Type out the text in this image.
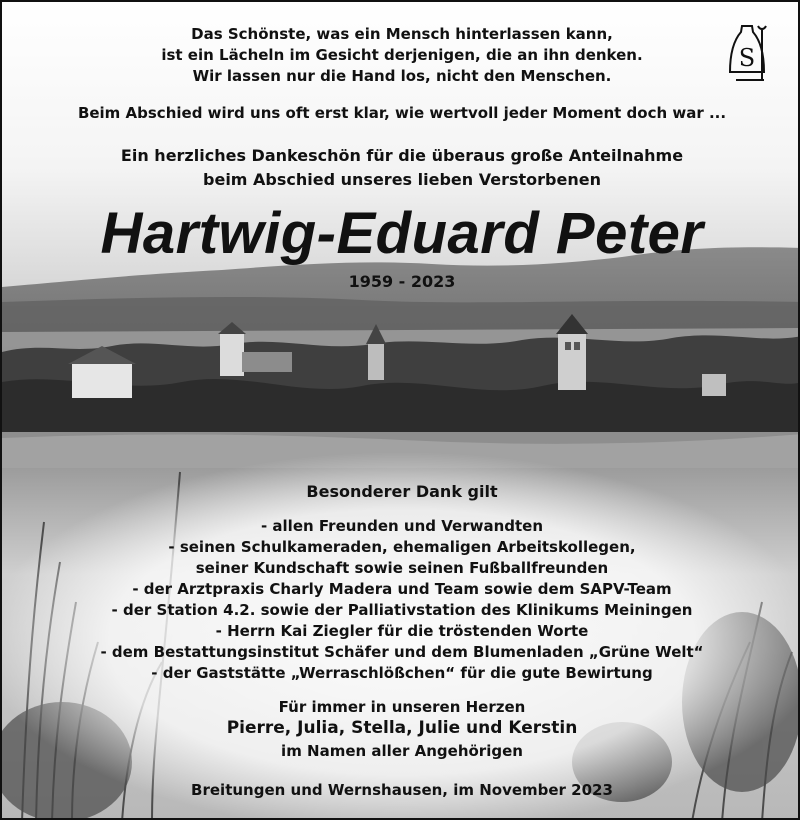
S

Das Schönste, was ein Mensch hinterlassen kann,

ist ein Lächeln im Gesicht derjenigen, die an ihn denken.

Wir lassen nur die Hand los, nicht den Menschen.

Beim Abschied wird uns oft erst klar, wie wertvoll jeder Moment doch war ...

Ein herzliches Dankeschön für die überaus große Anteilnahme

beim Abschied unseres lieben Verstorbenen

Hartwig-Eduard Peter

1959 - 2023

Besonderer Dank gilt

- allen Freunden und Verwandten

- seinen Schulkameraden, ehemaligen Arbeitskollegen,

seiner Kundschaft sowie seinen Fußballfreunden

- der Arztpraxis Charly Madera und Team sowie dem SAPV-Team

- der Station 4.2. sowie der Palliativstation des Klinikums Meiningen

- Herrn Kai Ziegler für die tröstenden Worte

- dem Bestattungsinstitut Schäfer und dem Blumenladen „Grüne Welt“

- der Gaststätte „Werraschlößchen“ für die gute Bewirtung

Für immer in unseren Herzen

Pierre, Julia, Stella, Julie und Kerstin

im Namen aller Angehörigen

Breitungen und Wernshausen, im November 2023
